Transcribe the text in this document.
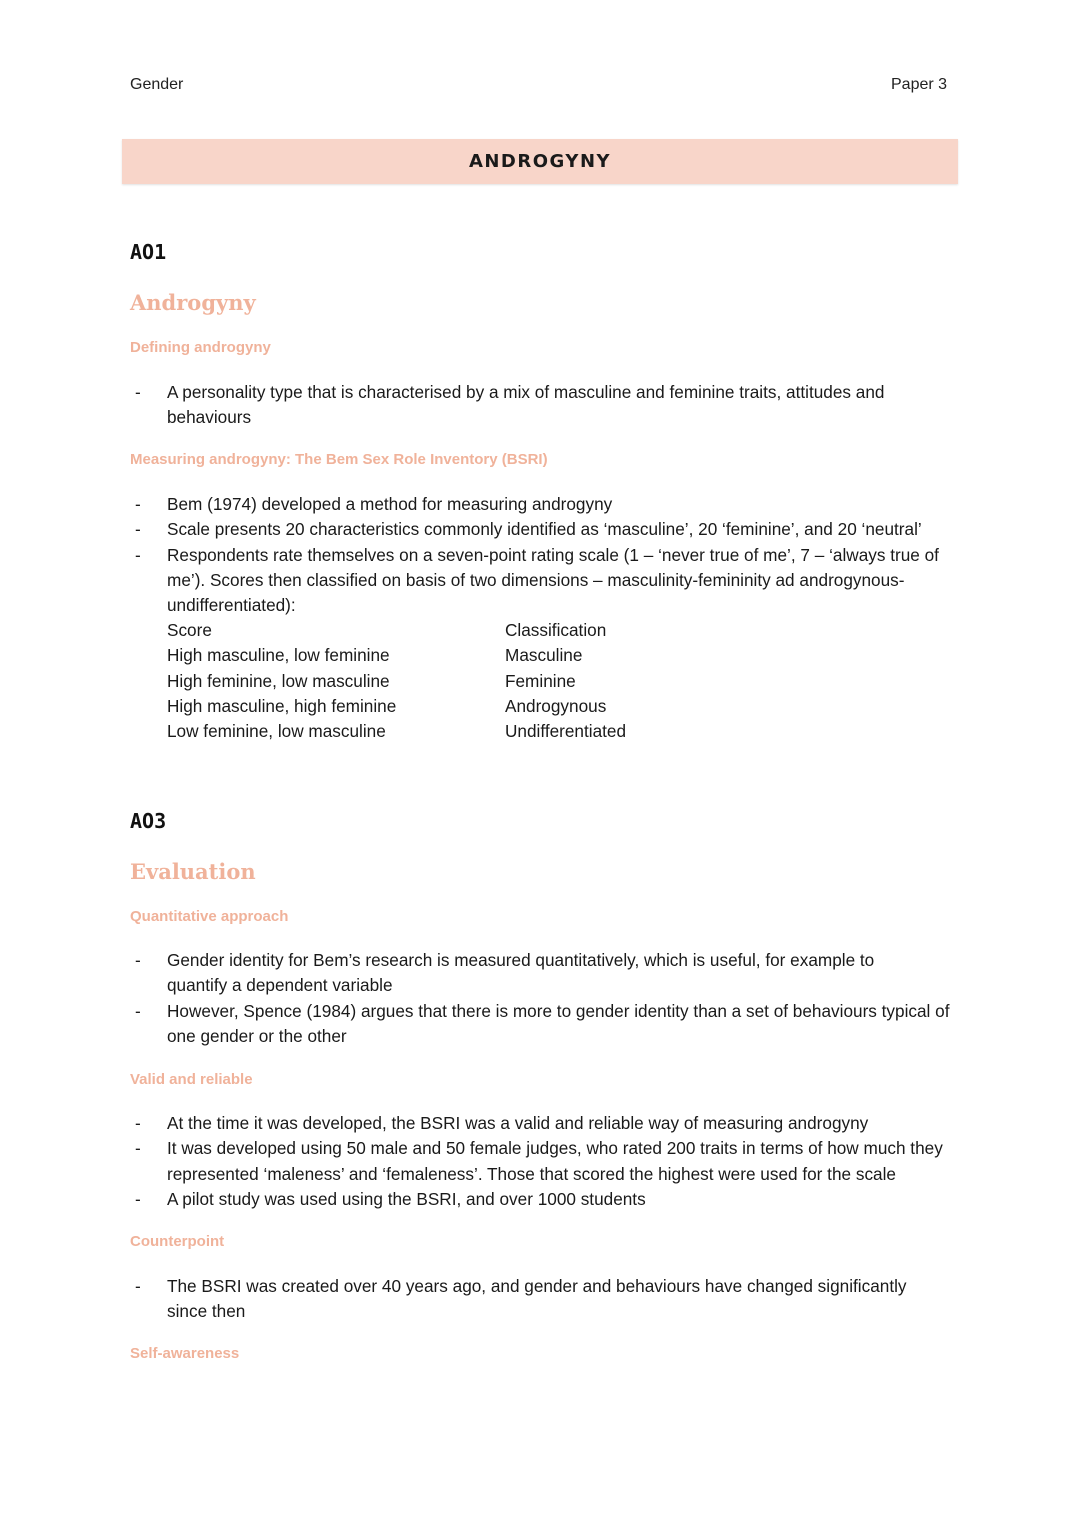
Gender	Paper 3
ANDROGYNY
AO1
Androgyny
Defining androgyny
- A personality type that is characterised by a mix of masculine and feminine traits, attitudes and behaviours
Measuring androgyny: The Bem Sex Role Inventory (BSRI)
- Bem (1974) developed a method for measuring androgyny
- Scale presents 20 characteristics commonly identified as ‘masculine’, 20 ‘feminine’, and 20 ‘neutral’
- Respondents rate themselves on a seven-point rating scale (1 – ‘never true of me’, 7 – ‘always true of me’). Scores then classified on basis of two dimensions – masculinity-femininity ad androgynous-undifferentiated):
Score	Classification
High masculine, low feminine	Masculine
High feminine, low masculine	Feminine
High masculine, high feminine	Androgynous
Low feminine, low masculine	Undifferentiated
AO3
Evaluation
Quantitative approach
- Gender identity for Bem’s research is measured quantitatively, which is useful, for example to quantify a dependent variable
- However, Spence (1984) argues that there is more to gender identity than a set of behaviours typical of one gender or the other
Valid and reliable
- At the time it was developed, the BSRI was a valid and reliable way of measuring androgyny
- It was developed using 50 male and 50 female judges, who rated 200 traits in terms of how much they represented ‘maleness’ and ‘femaleness’. Those that scored the highest were used for the scale
- A pilot study was used using the BSRI, and over 1000 students
Counterpoint
- The BSRI was created over 40 years ago, and gender and behaviours have changed significantly since then
Self-awareness
